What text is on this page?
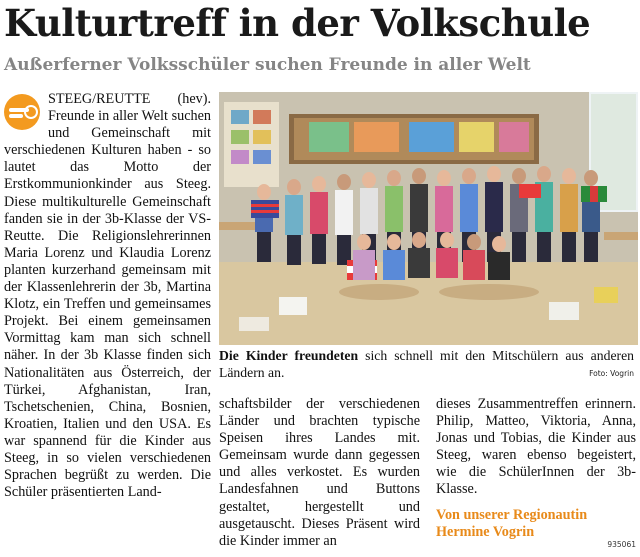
Kulturtreff in der Volkschule
Außerferner Volksschüler suchen Freunde in aller Welt
STEEG/REUTTE (hev). Freunde in aller Welt suchen und Gemeinschaft mit verschiedenen Kulturen haben - so lautet das Motto der Erstkommunionkinder aus Steeg. Diese multikulturelle Gemeinschaft fanden sie in der 3b-Klasse der VS-Reutte. Die Religionslehrerinnen Maria Lorenz und Klaudia Lorenz planten kurzerhand gemeinsam mit der Klassenlehrerin der 3b, Martina Klotz, ein Treffen und gemeinsames Projekt. Bei einem gemeinsamen Vormittag kam man sich schnell näher. In der 3b Klasse finden sich Nationalitäten aus Österreich, der Türkei, Afghanistan, Iran, Tschetschenien, China, Bosnien, Kroatien, Italien und den USA. Es war spannend für die Kinder aus Steeg, in so vielen verschiedenen Sprachen begrüßt zu werden. Die Schüler präsentierten Land-

Die Kinder freundeten sich schnell mit den Mitschülern aus anderen Ländern an.	Foto: Vogrin
schaftsbilder der verschiedenen Länder und brachten typische Speisen ihres Landes mit. Gemeinsam wurde dann gegessen und alles verkostet. Es wurden Landesfahnen und Buttons gestaltet, hergestellt und ausgetauscht. Dieses Präsent wird die Kinder immer an
dieses Zusammentreffen erinnern. Philip, Matteo, Viktoria, Anna, Jonas und Tobias, die Kinder aus Steeg, waren ebenso begeistert, wie die SchülerInnen der 3b-Klasse.
Von unserer Regionautin
Hermine Vogrin
935061
